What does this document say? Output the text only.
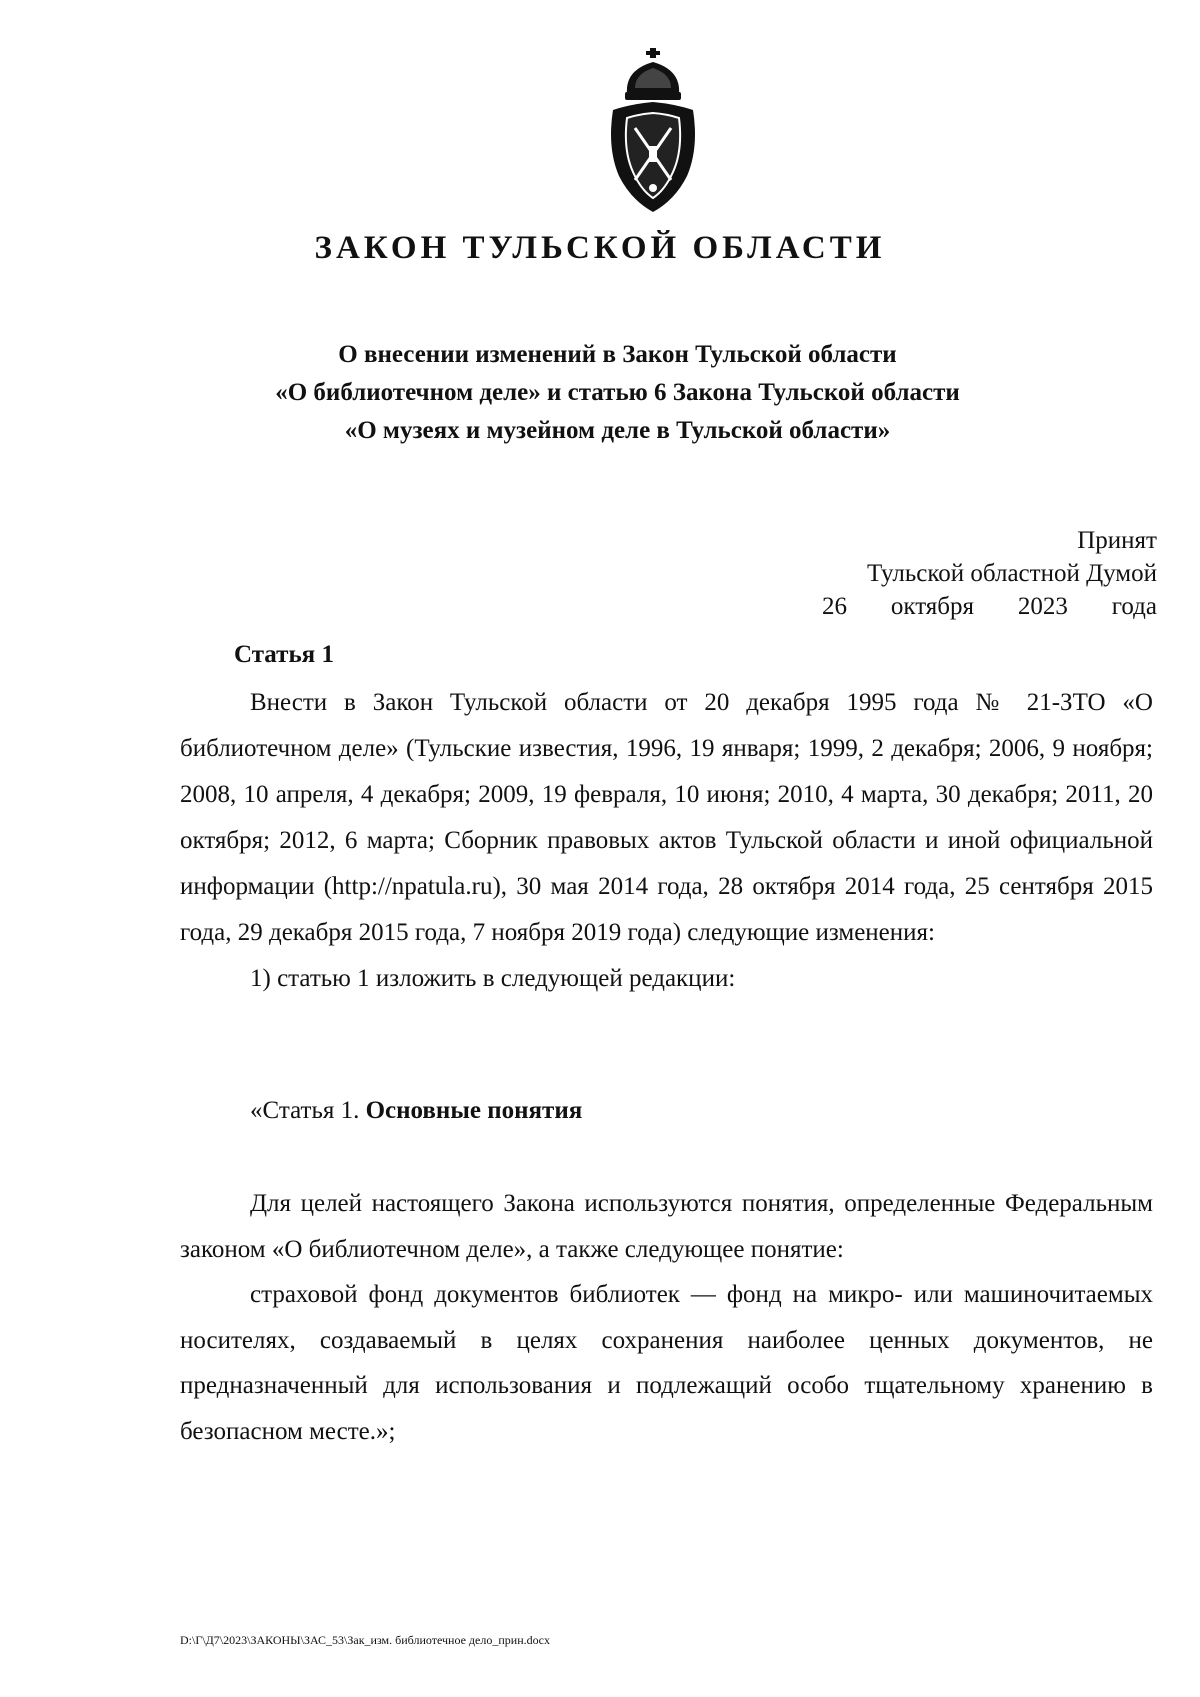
ЗАКОН ТУЛЬСКОЙ ОБЛАСТИ
О внесении изменений в Закон Тульской области
«О библиотечном деле» и статью 6 Закона Тульской области
«О музеях и музейном деле в Тульской области»
Принят
Тульской областной Думой
26 октября 2023 года

Статья 1

Внести в Закон Тульской области от 20 декабря 1995 года № 21-ЗТО «О библиотечном деле» (Тульские известия, 1996, 19 января; 1999, 2 декабря; 2006, 9 ноября; 2008, 10 апреля, 4 декабря; 2009, 19 февраля, 10 июня; 2010, 4 марта, 30 декабря; 2011, 20 октября; 2012, 6 марта; Сборник правовых актов Тульской области и иной официальной информации (http://npatula.ru), 30 мая 2014 года, 28 октября 2014 года, 25 сентября 2015 года, 29 декабря 2015 года, 7 ноября 2019 года) следующие изменения:

1) статью 1 изложить в следующей редакции:

«Статья 1. Основные понятия

Для целей настоящего Закона используются понятия, определенные Федеральным законом «О библиотечном деле», а также следующее понятие:

страховой фонд документов библиотек — фонд на микро- или машиночитаемых носителях, создаваемый в целях сохранения наиболее ценных документов, не предназначенный для использования и подлежащий особо тщательному хранению в безопасном месте.»;

D:\Г\Д7\2023\ЗАКОНЫ\ЗАС_53\Зак_изм. библиотечное дело_прин.docx
